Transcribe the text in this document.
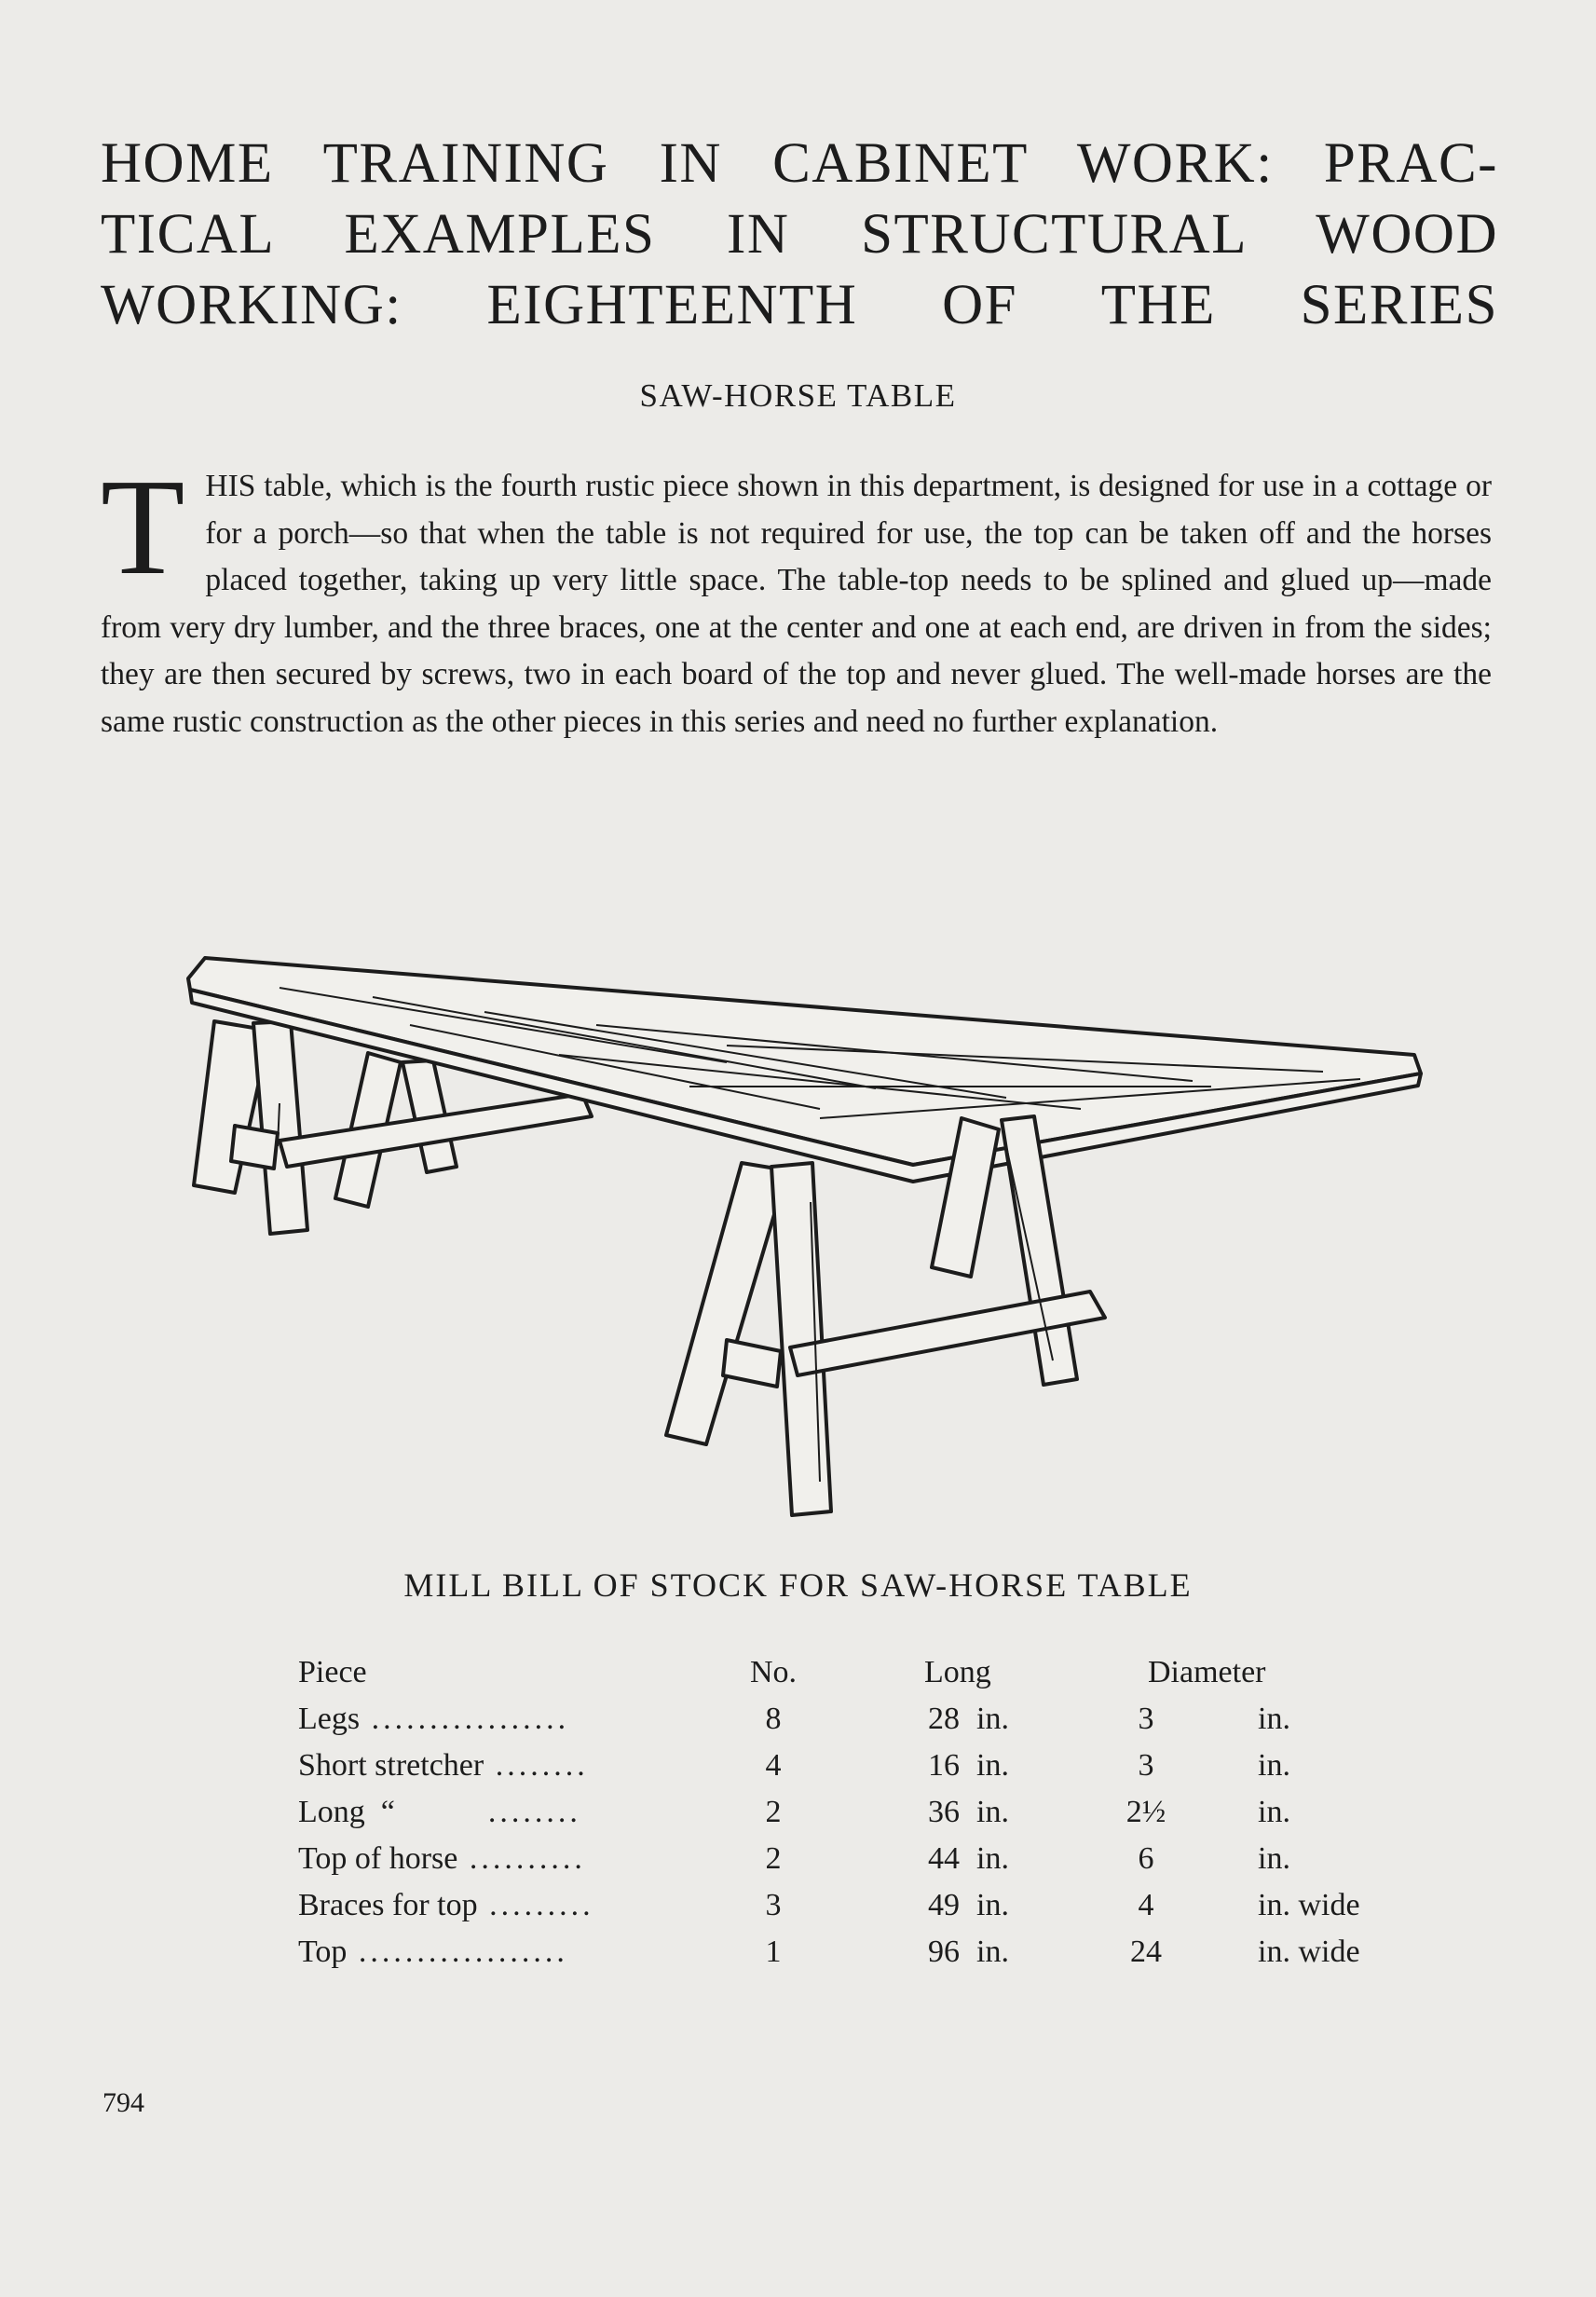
HOME TRAINING IN CABINET WORK: PRAC-
TICAL EXAMPLES IN STRUCTURAL WOOD
WORKING: EIGHTEENTH OF THE SERIES
SAW-HORSE TABLE

THIS table, which is the fourth rustic piece shown in this department, is designed for use in a cottage or for a porch—so that when the table is not required for use, the top can be taken off and the horses placed together, taking up very little space. The table-top needs to be splined and glued up—made from very dry lumber, and the three braces, one at the center and one at each end, are driven in from the sides; they are then secured by screws, two in each board of the top and never glued. The well-made horses are the same rustic construction as the other pieces in this series and need no further explanation.

MILL BILL OF STOCK FOR SAW-HORSE TABLE
Piece	No.	Long	Diameter
Legs .................	8	28 in.	3	in.
Short stretcher ........	4	16 in.	3	in.
Long  “        ........	2	36 in.	2½	in.
Top of horse ..........	2	44 in.	6	in.
Braces for top .........	3	49 in.	4	in. wide
Top ..................	1	96 in.	24	in. wide
794
